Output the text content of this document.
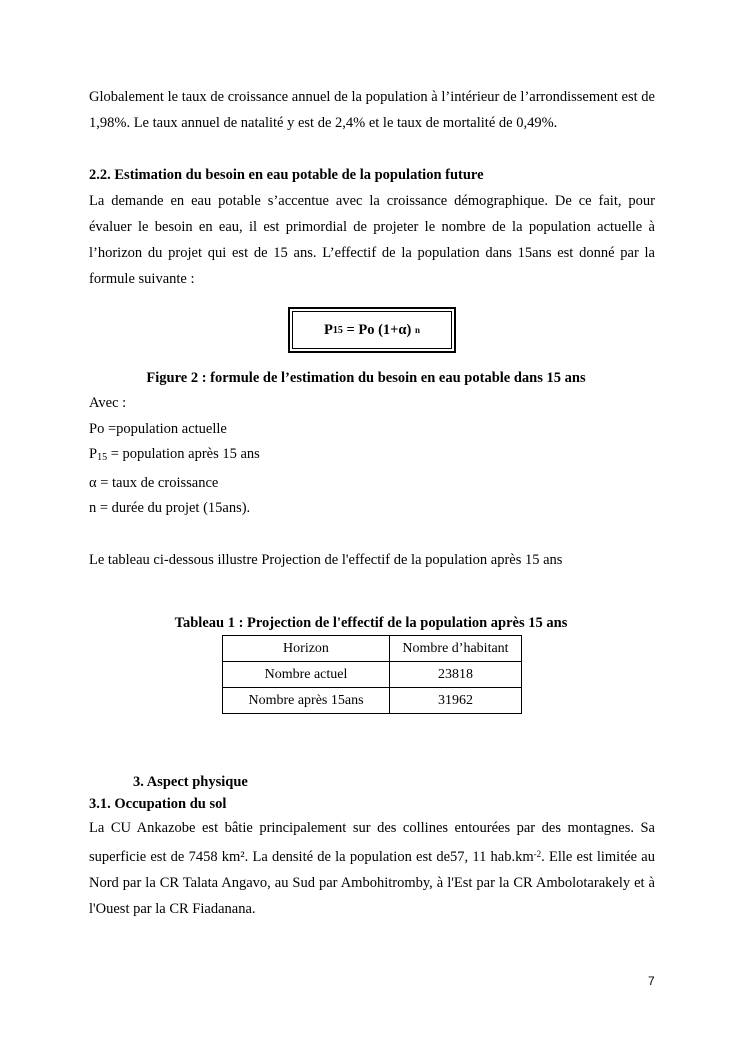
Globalement le taux de croissance annuel de la population à l’intérieur de l’arrondissement est de 1,98%. Le taux annuel de natalité y est de 2,4% et le taux de mortalité de 0,49%.

2.2. Estimation du besoin en eau potable de la population future

La demande en eau potable s’accentue avec la croissance démographique. De ce fait, pour évaluer le besoin en eau, il est primordial de projeter le nombre de la population actuelle à l’horizon du projet qui est de 15 ans. L’effectif de la population dans 15ans est donné par la formule suivante :

P 15 = Po (1+α) n

Figure 2 : formule de l’estimation du besoin en eau potable dans 15 ans

Avec :

Po =population actuelle

$P_{15}$ = population après 15 ans

α = taux de croissance

n = durée du projet (15ans).

Le tableau ci-dessous illustre Projection de l'effectif de la population après 15 ans

Tableau 1 : Projection de l'effectif de la population après 15 ans

Horizon	Nombre d’habitant
Nombre actuel	23818
Nombre après 15ans	31962

3. Aspect physique

3.1. Occupation du sol

La CU Ankazobe est bâtie principalement sur des collines entourées par des montagnes. Sa superficie est de 7458 km². La densité de la population est de57, 11 $hab.km^{-2}$. Elle est limitée au Nord par la CR Talata Angavo, au Sud par Ambohitromby, à l'Est par la CR Ambolotarakely et à l'Ouest par la CR Fiadanana.

7
